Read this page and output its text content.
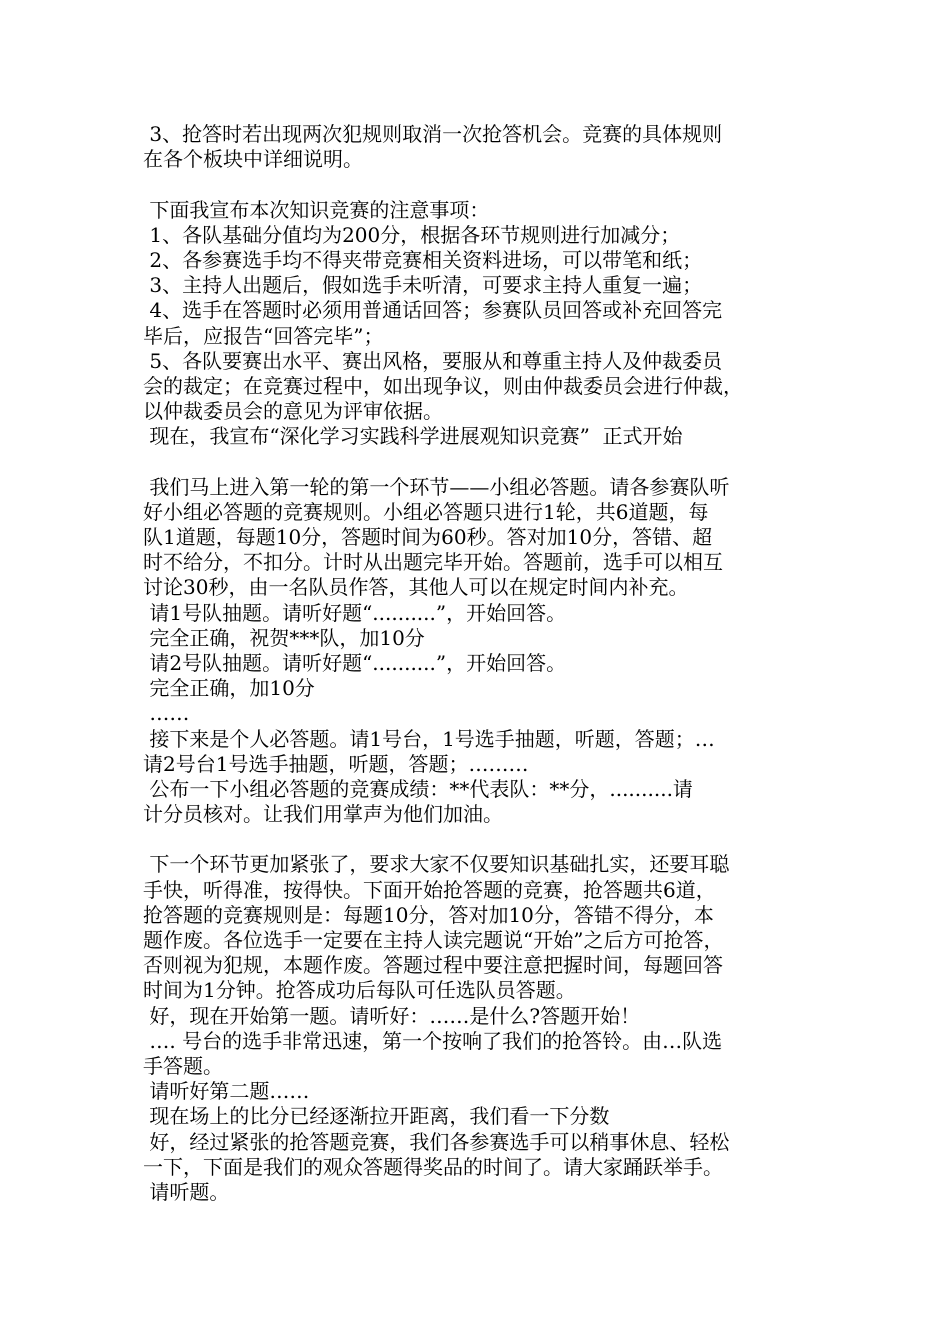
3、抢答时若出现两次犯规则取消一次抢答机会。竞赛的具体规则
在各个板块中详细说明。
下面我宣布本次知识竞赛的注意事项：
1、各队基础分值均为200分，根据各环节规则进行加减分；
2、各参赛选手均不得夹带竞赛相关资料进场，可以带笔和纸；
3、主持人出题后，假如选手未听清，可要求主持人重复一遍；
4、选手在答题时必须用普通话回答；参赛队员回答或补充回答完
毕后，应报告“回答完毕”；
5、各队要赛出水平、赛出风格，要服从和尊重主持人及仲裁委员
会的裁定；在竞赛过程中，如出现争议，则由仲裁委员会进行仲裁，
以仲裁委员会的意见为评审依据。
现在，我宣布“深化学习实践科学进展观知识竞赛”  正式开始
我们马上进入第一轮的第一个环节——小组必答题。请各参赛队听
好小组必答题的竞赛规则。小组必答题只进行1轮，共6道题，每
队1道题，每题10分，答题时间为60秒。答对加10分，答错、超
时不给分，不扣分。计时从出题完毕开始。答题前，选手可以相互
讨论30秒，由一名队员作答，其他人可以在规定时间内补充。
请1号队抽题。请听好题“..........”，开始回答。
完全正确，祝贺***队，加10分
请2号队抽题。请听好题“..........”，开始回答。
完全正确，加10分
……
接下来是个人必答题。请1号台，1号选手抽题，听题，答题；…
请2号台1号选手抽题，听题，答题；………
公布一下小组必答题的竞赛成绩：**代表队：**分，..........请
计分员核对。让我们用掌声为他们加油。
下一个环节更加紧张了，要求大家不仅要知识基础扎实，还要耳聪
手快，听得准，按得快。下面开始抢答题的竞赛，抢答题共6道，
抢答题的竞赛规则是：每题10分，答对加10分，答错不得分，本
题作废。各位选手一定要在主持人读完题说“开始”之后方可抢答，
否则视为犯规，本题作废。答题过程中要注意把握时间，每题回答
时间为1分钟。抢答成功后每队可任选队员答题。
好，现在开始第一题。请听好：……是什么?答题开始！
…. 号台的选手非常迅速，第一个按响了我们的抢答铃。由…队选
手答题。
请听好第二题……
现在场上的比分已经逐渐拉开距离，我们看一下分数
好，经过紧张的抢答题竞赛，我们各参赛选手可以稍事休息、轻松
一下，下面是我们的观众答题得奖品的时间了。请大家踊跃举手。
请听题。
